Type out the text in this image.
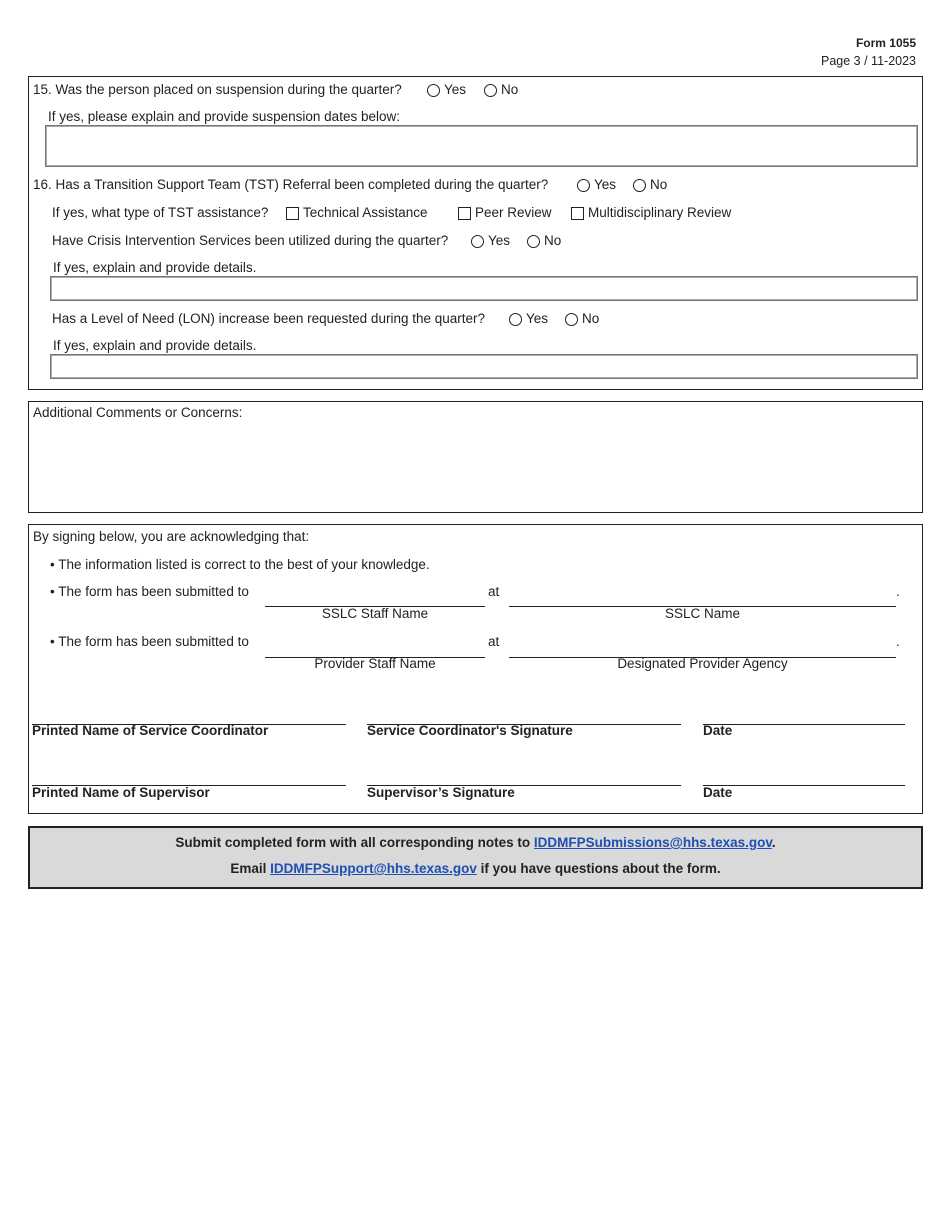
Form 1055
Page 3 / 11-2023
15. Was the person placed on suspension during the quarter?	Yes	No
If yes, please explain and provide suspension dates below:
16. Has a Transition Support Team (TST) Referral been completed during the quarter?	Yes	No
If yes, what type of TST assistance?	Technical Assistance	Peer Review	Multidisciplinary Review
Have Crisis Intervention Services been utilized during the quarter?	Yes	No
If yes, explain and provide details.
Has a Level of Need (LON) increase been requested during the quarter?	Yes	No
If yes, explain and provide details.
Additional Comments or Concerns:
By signing below, you are acknowledging that:
• The information listed is correct to the best of your knowledge.
• The form has been submitted to	at	.
SSLC Staff Name	SSLC Name
• The form has been submitted to	at	.
Provider Staff Name	Designated Provider Agency
Printed Name of Service Coordinator	Service Coordinator's Signature	Date
Printed Name of Supervisor	Supervisor’s Signature	Date
Submit completed form with all corresponding notes to IDDMFPSubmissions@hhs.texas.gov.
Email IDDMFPSupport@hhs.texas.gov if you have questions about the form.
